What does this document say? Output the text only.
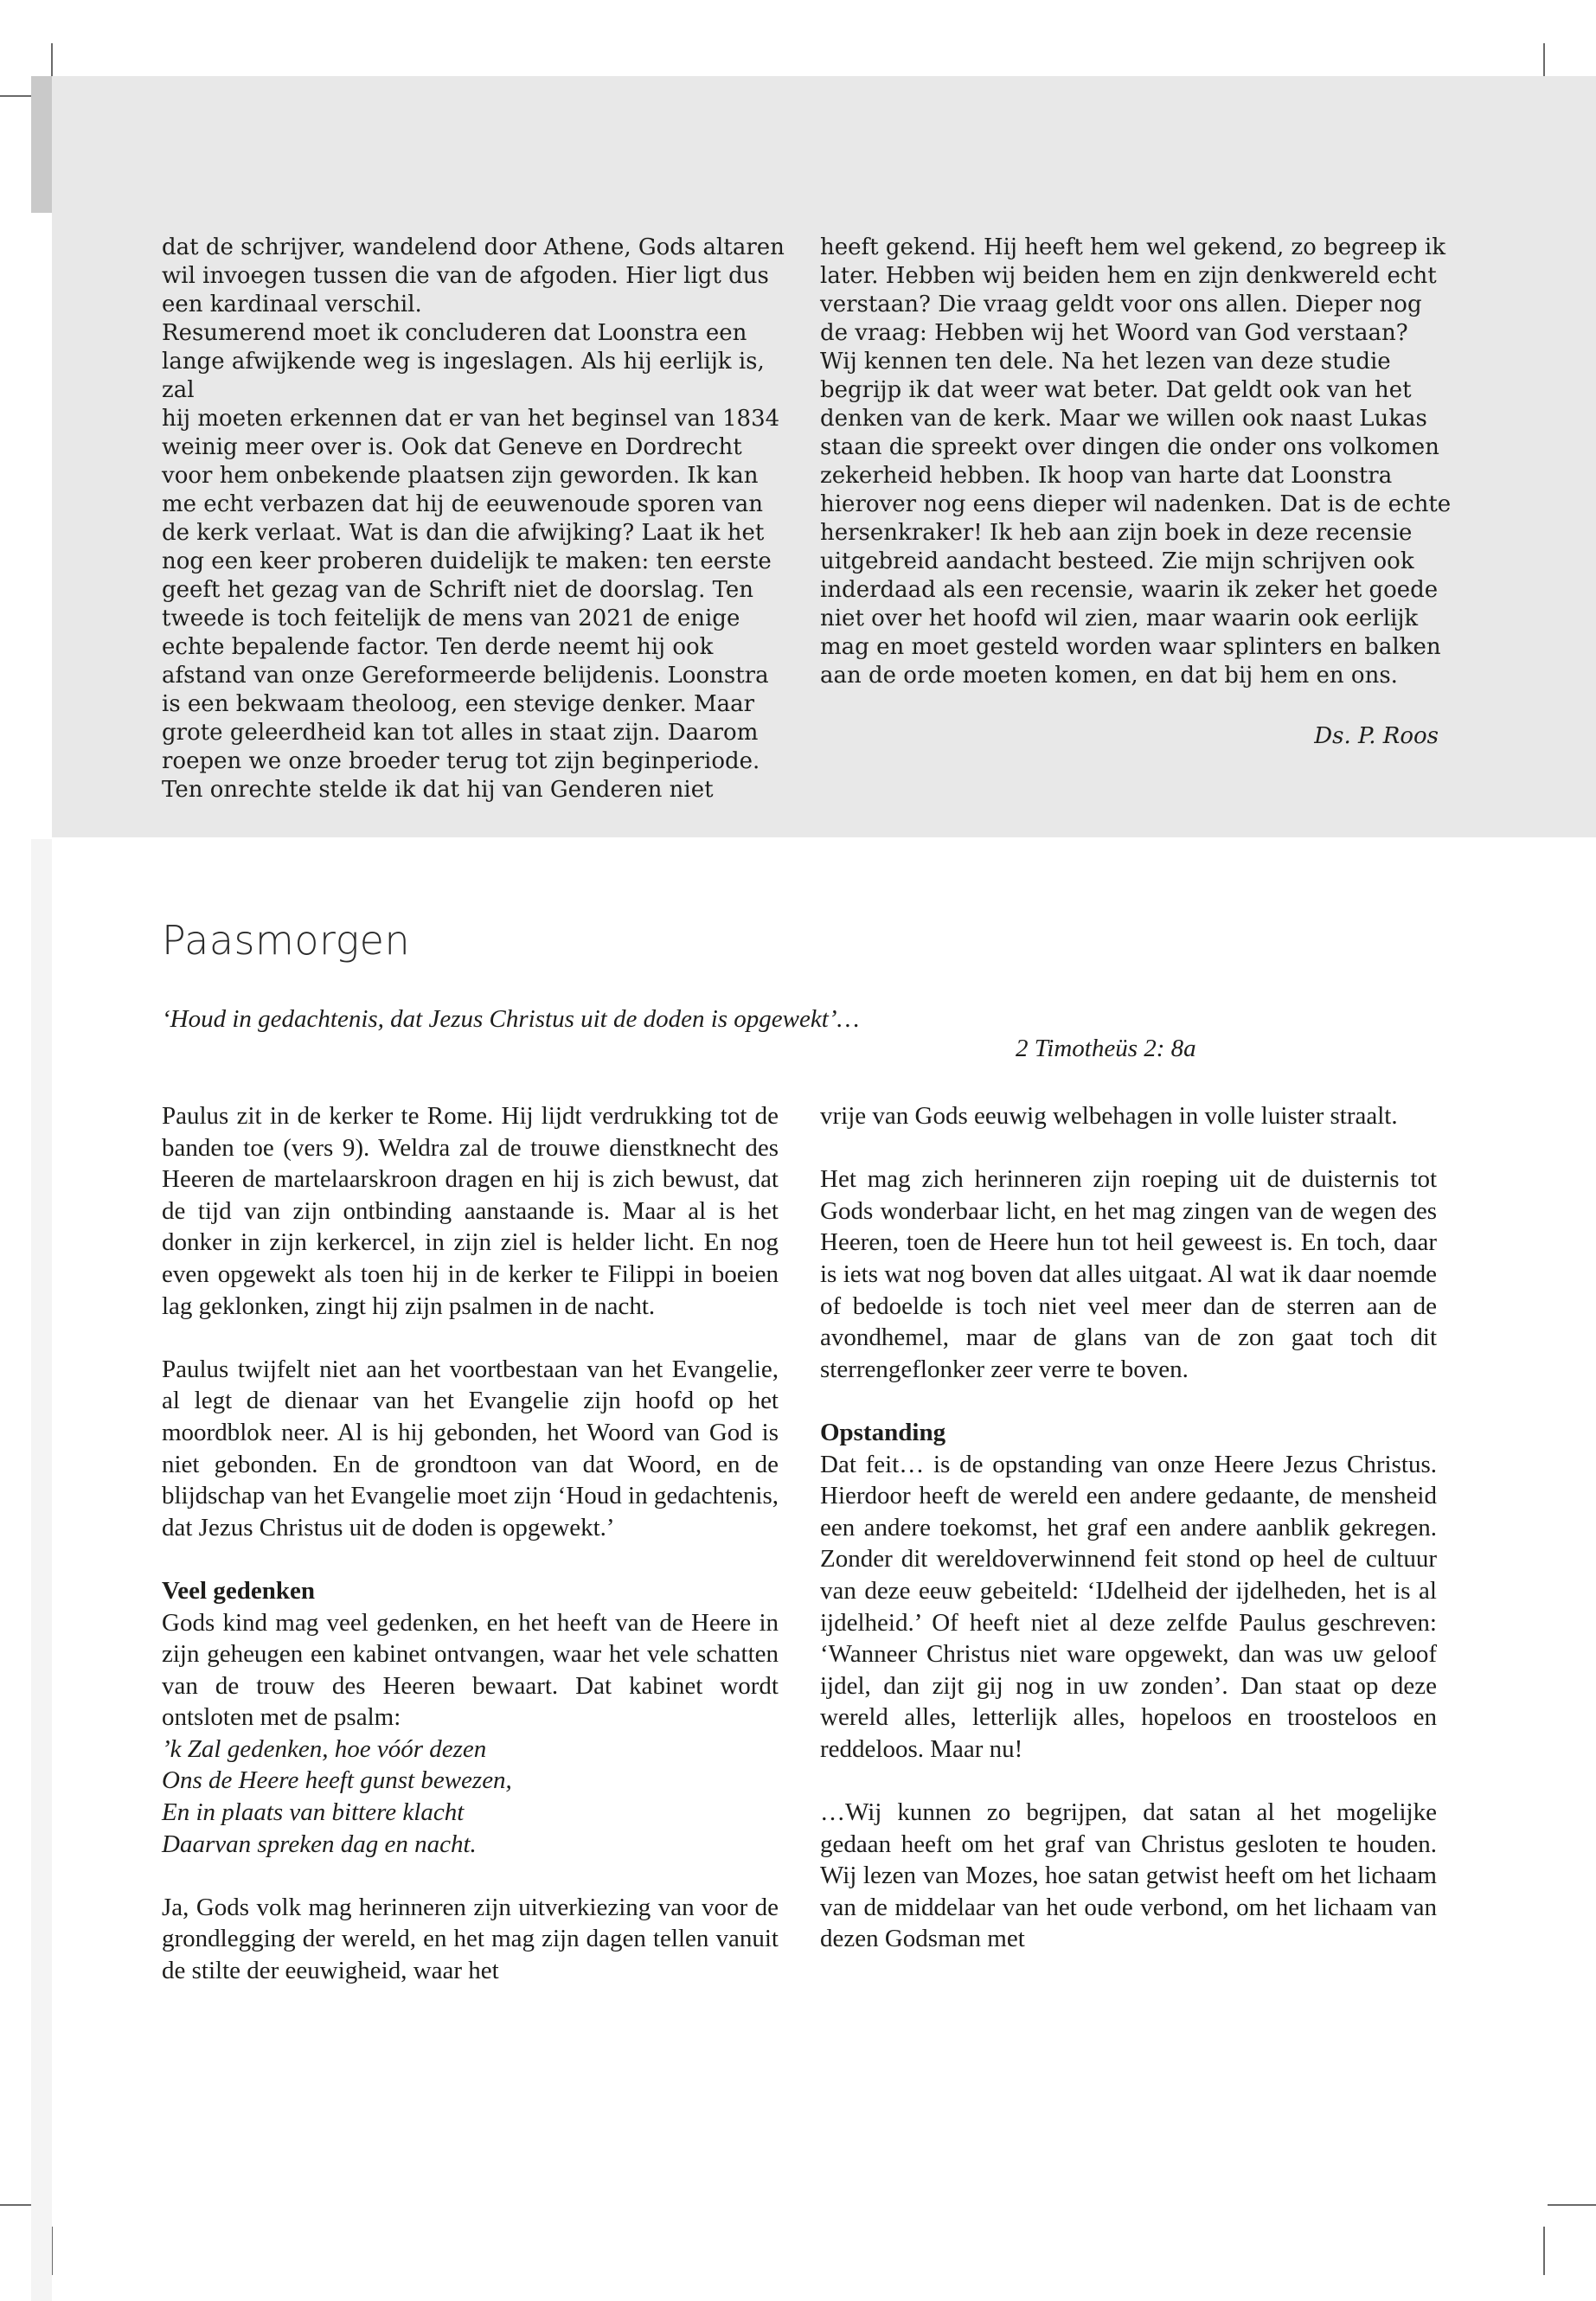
dat de schrijver, wandelend door Athene, Gods altaren
wil invoegen tussen die van de afgoden. Hier ligt dus
een kardinaal verschil.
Resumerend moet ik concluderen dat Loonstra een
lange afwijkende weg is ingeslagen. Als hij eerlijk is, zal
hij moeten erkennen dat er van het beginsel van 1834
weinig meer over is. Ook dat Geneve en Dordrecht
voor hem onbekende plaatsen zijn geworden. Ik kan
me echt verbazen dat hij de eeuwenoude sporen van
de kerk verlaat. Wat is dan die afwijking? Laat ik het
nog een keer proberen duidelijk te maken: ten eerste
geeft het gezag van de Schrift niet de doorslag. Ten
tweede is toch feitelijk de mens van 2021 de enige
echte bepalende factor. Ten derde neemt hij ook
afstand van onze Gereformeerde belijdenis. Loonstra
is een bekwaam theoloog, een stevige denker. Maar
grote geleerdheid kan tot alles in staat zijn. Daarom
roepen we onze broeder terug tot zijn beginperiode.
Ten onrechte stelde ik dat hij van Genderen niet
heeft gekend. Hij heeft hem wel gekend, zo begreep ik
later. Hebben wij beiden hem en zijn denkwereld echt
verstaan? Die vraag geldt voor ons allen. Dieper nog
de vraag: Hebben wij het Woord van God verstaan?
Wij kennen ten dele. Na het lezen van deze studie
begrijp ik dat weer wat beter. Dat geldt ook van het
denken van de kerk. Maar we willen ook naast Lukas
staan die spreekt over dingen die onder ons volkomen
zekerheid hebben. Ik hoop van harte dat Loonstra
hierover nog eens dieper wil nadenken. Dat is de echte
hersenkraker! Ik heb aan zijn boek in deze recensie
uitgebreid aandacht besteed. Zie mijn schrijven ook
inderdaad als een recensie, waarin ik zeker het goede
niet over het hoofd wil zien, maar waarin ook eerlijk
mag en moet gesteld worden waar splinters en balken
aan de orde moeten komen, en dat bij hem en ons.
Ds. P. Roos
Paasmorgen
‘Houd in gedachtenis, dat Jezus Christus uit de doden is opgewekt’…
2 Timotheüs 2: 8a

Paulus zit in de kerker te Rome. Hij lijdt verdrukking tot de banden toe (vers 9). Weldra zal de trouwe dienstknecht des Heeren de martelaarskroon dragen en hij is zich bewust, dat de tijd van zijn ontbinding aanstaande is. Maar al is het donker in zijn kerkercel, in zijn ziel is helder licht. En nog even opgewekt als toen hij in de kerker te Filippi in boeien lag geklonken, zingt hij zijn psalmen in de nacht.

Paulus twijfelt niet aan het voortbestaan van het Evangelie, al legt de dienaar van het Evangelie zijn hoofd op het moordblok neer. Al is hij gebonden, het Woord van God is niet gebonden. En de grondtoon van dat Woord, en de blijdschap van het Evangelie moet zijn ‘Houd in gedachtenis, dat Jezus Christus uit de doden is opgewekt.’

Veel gedenken

Gods kind mag veel gedenken, en het heeft van de Heere in zijn geheugen een kabinet ontvangen, waar het vele schatten van de trouw des Heeren bewaart. Dat kabinet wordt ontsloten met de psalm:

’k Zal gedenken, hoe vóór dezen

Ons de Heere heeft gunst bewezen,

En in plaats van bittere klacht

Daarvan spreken dag en nacht.

Ja, Gods volk mag herinneren zijn uitverkiezing van voor de grondlegging der wereld, en het mag zijn dagen tellen vanuit de stilte der eeuwigheid, waar het

vrije van Gods eeuwig welbehagen in volle luister straalt.

Het mag zich herinneren zijn roeping uit de duisternis tot Gods wonderbaar licht, en het mag zingen van de wegen des Heeren, toen de Heere hun tot heil geweest is. En toch, daar is iets wat nog boven dat alles uitgaat. Al wat ik daar noemde of bedoelde is toch niet veel meer dan de sterren aan de avondhemel, maar de glans van de zon gaat toch dit sterrengeflonker zeer verre te boven.

Opstanding

Dat feit… is de opstanding van onze Heere Jezus Christus. Hierdoor heeft de wereld een andere gedaante, de mensheid een andere toekomst, het graf een andere aanblik gekregen. Zonder dit wereldoverwinnend feit stond op heel de cultuur van deze eeuw gebeiteld: ‘IJdelheid der ijdelheden, het is al ijdelheid.’ Of heeft niet al deze zelfde Paulus geschreven: ‘Wanneer Christus niet ware opgewekt, dan was uw geloof ijdel, dan zijt gij nog in uw zonden’. Dan staat op deze wereld alles, letterlijk alles, hopeloos en troosteloos en reddeloos. Maar nu!

…Wij kunnen zo begrijpen, dat satan al het mogelijke gedaan heeft om het graf van Christus gesloten te houden. Wij lezen van Mozes, hoe satan getwist heeft om het lichaam van de middelaar van het oude verbond, om het lichaam van dezen Godsman met
